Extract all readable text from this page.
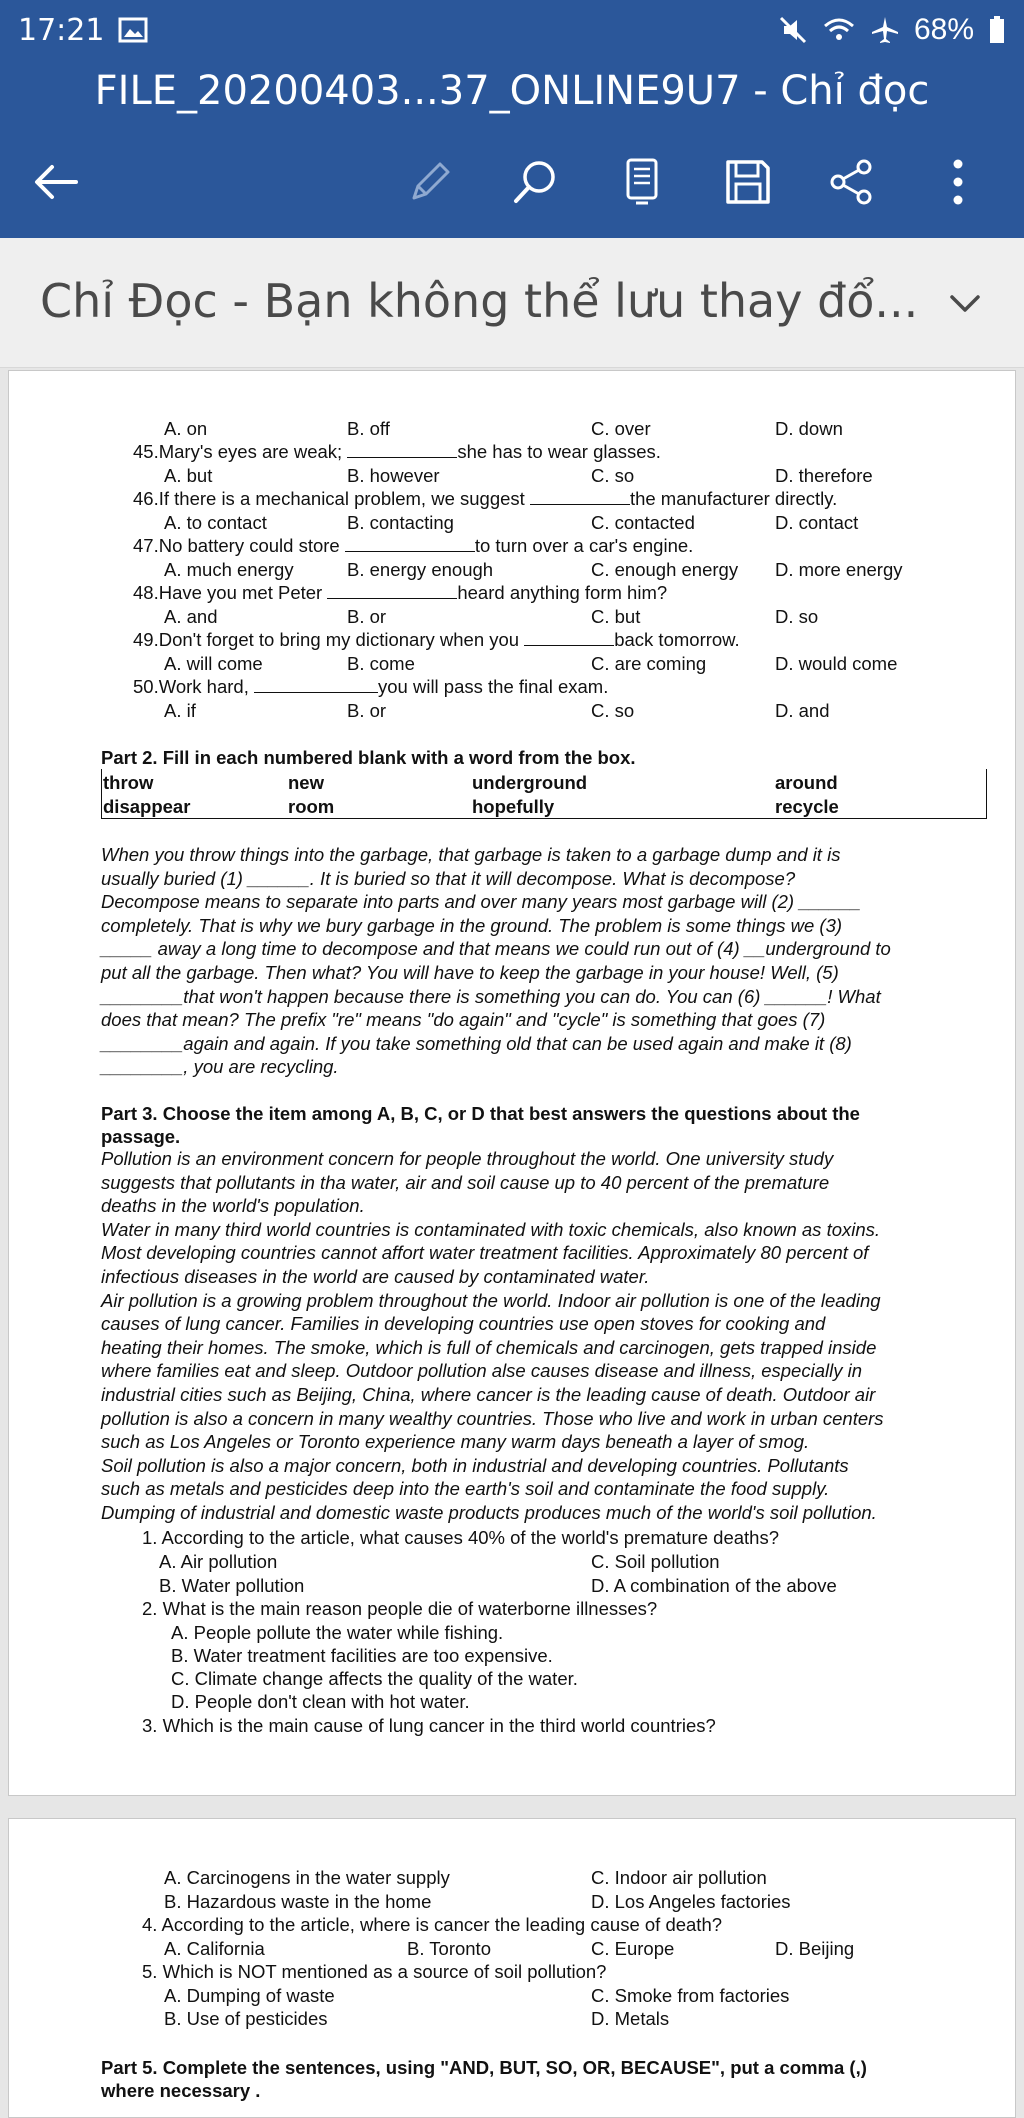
17:21	68%
FILE_20200403...37_ONLINE9U7 - Chỉ đọc
Chỉ Đọc - Bạn không thể lưu thay đổ...
A. on	B. off	C. over	D. down
45.Mary's eyes are weak;	she has to wear glasses.
A. but	B. however	C. so	D. therefore
46.If there is a mechanical problem, we suggest	the manufacturer directly.
A. to contact	B. contacting	C. contacted	D. contact
47.No battery could store	to turn over a car's engine.
A. much energy	B. energy enough	C. enough energy D. more energy
48.Have you met Peter	heard anything form him?
A. and	B. or	C. but	D. so
49.Don't forget to bring my dictionary when you	back tomorrow.
A. will come	B. come	C. are coming	D. would come
50.Work hard,	you will pass the final exam.
A. if	B. or	C. so	D. and
Part 2. Fill in each numbered blank with a word from the box.
throw	new	underground	around
disappear	room	hopefully	recycle
When you throw things into the garbage, that garbage is taken to a garbage dump and it is
usually buried (1) ______. It is buried so that it will decompose. What is decompose?
Decompose means to separate into parts and over many years most garbage will (2) ______
completely. That is why we bury garbage in the ground. The problem is some things we (3)
_____ away a long time to decompose and that means we could run out of (4) __underground to
put all the garbage. Then what? You will have to keep the garbage in your house! Well, (5)
________that won't happen because there is something you can do. You can (6) ______! What
does that mean? The prefix "re" means "do again" and "cycle" is something that goes (7)
________again and again. If you take something old that can be used again and make it (8)
________, you are recycling.
Part 3. Choose the item among A, B, C, or D that best answers the questions about the
passage.
Pollution is an environment concern for people throughout the world. One university study
suggests that pollutants in tha water, air and soil cause up to 40 percent of the premature
deaths in the world's population.
Water in many third world countries is contaminated with toxic chemicals, also known as toxins.
Most developing countries cannot affort water treatment facilities. Approximately 80 percent of
infectious diseases in the world are caused by contaminated water.
Air pollution is a growing problem throughout the world. Indoor air pollution is one of the leading
causes of lung cancer. Families in developing countries use open stoves for cooking and
heating their homes. The smoke, which is full of chemicals and carcinogen, gets trapped inside
where families eat and sleep. Outdoor pollution alse causes disease and illness, especially in
industrial cities such as Beijing, China, where cancer is the leading cause of death. Outdoor air
pollution is also a concern in many wealthy countries. Those who live and work in urban centers
such as Los Angeles or Toronto experience many warm days beneath a layer of smog.
Soil pollution is also a major concern, both in industrial and developing countries. Pollutants
such as metals and pesticides deep into the earth's soil and contaminate the food supply.
Dumping of industrial and domestic waste products produces much of the world's soil pollution.
1. According to the article, what causes 40% of the world's premature deaths?
A. Air pollution	C. Soil pollution
B. Water pollution	D. A combination of the above
2. What is the main reason people die of waterborne illnesses?
A. People pollute the water while fishing.
B. Water treatment facilities are too expensive.
C. Climate change affects the quality of the water.
D. People don't clean with hot water.
3. Which is the main cause of lung cancer in the third world countries?
A. Carcinogens in the water supply	C. Indoor air pollution
B. Hazardous waste in the home	D. Los Angeles factories
4. According to the article, where is cancer the leading cause of death?
A. California	B. Toronto	C. Europe	D. Beijing
5. Which is NOT mentioned as a source of soil pollution?
A. Dumping of waste	C. Smoke from factories
B. Use of pesticides	D. Metals
Part 5. Complete the sentences, using "AND, BUT, SO, OR, BECAUSE", put a comma (,)
where necessary .
